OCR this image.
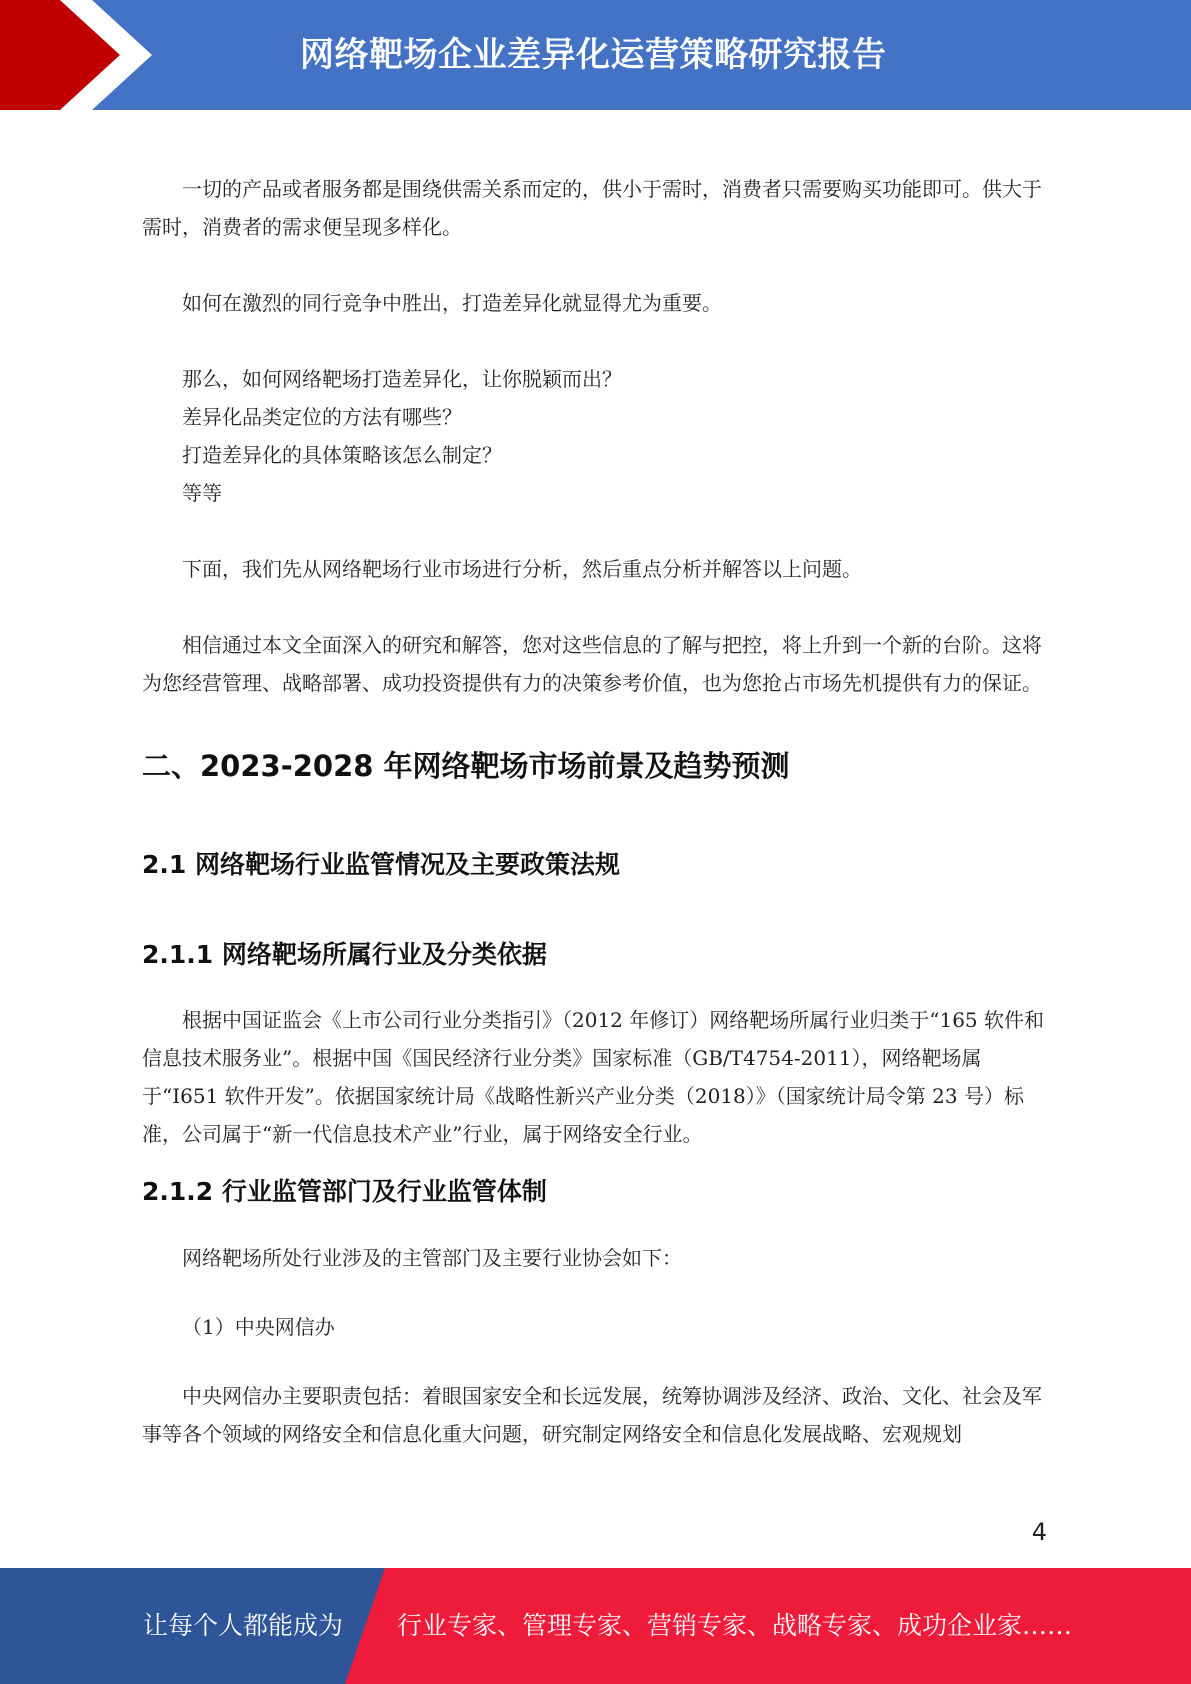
网络靶场企业差异化运营策略研究报告

一切的产品或者服务都是围绕供需关系而定的，供小于需时，消费者只需要购买功能即可。供大于需时，消费者的需求便呈现多样化。

如何在激烈的同行竞争中胜出，打造差异化就显得尤为重要。

那么，如何网络靶场打造差异化，让你脱颖而出？

差异化品类定位的方法有哪些？

打造差异化的具体策略该怎么制定？

等等

下面，我们先从网络靶场行业市场进行分析，然后重点分析并解答以上问题。

相信通过本文全面深入的研究和解答，您对这些信息的了解与把控，将上升到一个新的台阶。这将为您经营管理、战略部署、成功投资提供有力的决策参考价值，也为您抢占市场先机提供有力的保证。

二、2023-2028 年网络靶场市场前景及趋势预测
2.1 网络靶场行业监管情况及主要政策法规
2.1.1 网络靶场所属行业及分类依据

根据中国证监会《上市公司行业分类指引》（2012 年修订）网络靶场所属行业归类于“165 软件和信息技术服务业”。根据中国《国民经济行业分类》国家标准（GB/T4754-2011），网络靶场属于“I651 软件开发”。依据国家统计局《战略性新兴产业分类（2018）》（国家统计局令第 23 号）标准，公司属于“新一代信息技术产业”行业，属于网络安全行业。

2.1.2 行业监管部门及行业监管体制

网络靶场所处行业涉及的主管部门及主要行业协会如下：

（1）中央网信办

中央网信办主要职责包括：着眼国家安全和长远发展，统筹协调涉及经济、政治、文化、社会及军事等各个领域的网络安全和信息化重大问题，研究制定网络安全和信息化发展战略、宏观规划

4
让每个人都能成为 行业专家、管理专家、营销专家、战略专家、成功企业家……
